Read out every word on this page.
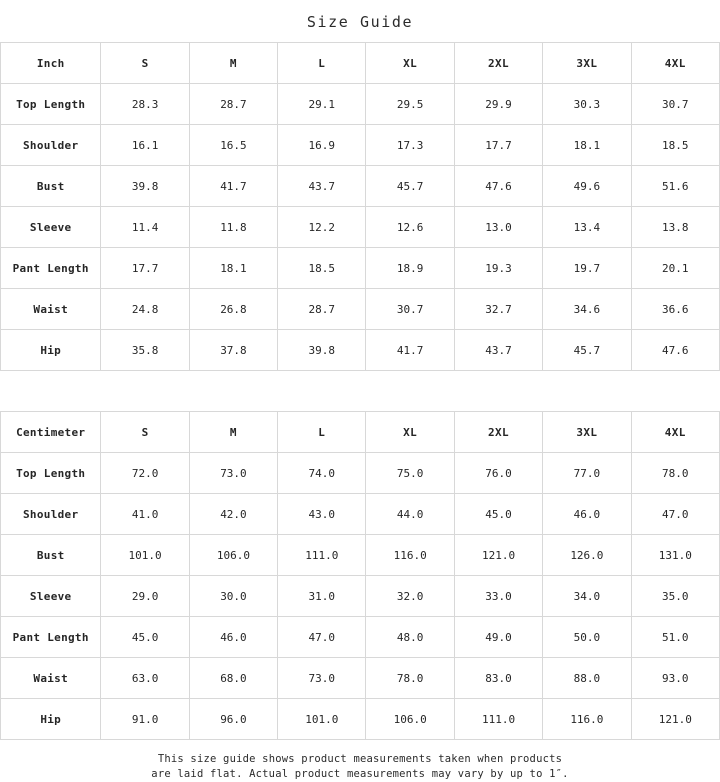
Size Guide
Inch	S	M	L	XL	2XL	3XL	4XL
Top Length	28.3	28.7	29.1	29.5	29.9	30.3	30.7
Shoulder	16.1	16.5	16.9	17.3	17.7	18.1	18.5
Bust	39.8	41.7	43.7	45.7	47.6	49.6	51.6
Sleeve	11.4	11.8	12.2	12.6	13.0	13.4	13.8
Pant Length	17.7	18.1	18.5	18.9	19.3	19.7	20.1
Waist	24.8	26.8	28.7	30.7	32.7	34.6	36.6
Hip	35.8	37.8	39.8	41.7	43.7	45.7	47.6
Centimeter	S	M	L	XL	2XL	3XL	4XL
Top Length	72.0	73.0	74.0	75.0	76.0	77.0	78.0
Shoulder	41.0	42.0	43.0	44.0	45.0	46.0	47.0
Bust	101.0	106.0	111.0	116.0	121.0	126.0	131.0
Sleeve	29.0	30.0	31.0	32.0	33.0	34.0	35.0
Pant Length	45.0	46.0	47.0	48.0	49.0	50.0	51.0
Waist	63.0	68.0	73.0	78.0	83.0	88.0	93.0
Hip	91.0	96.0	101.0	106.0	111.0	116.0	121.0
This size guide shows product measurements taken when products
are laid flat. Actual product measurements may vary by up to 1″.
